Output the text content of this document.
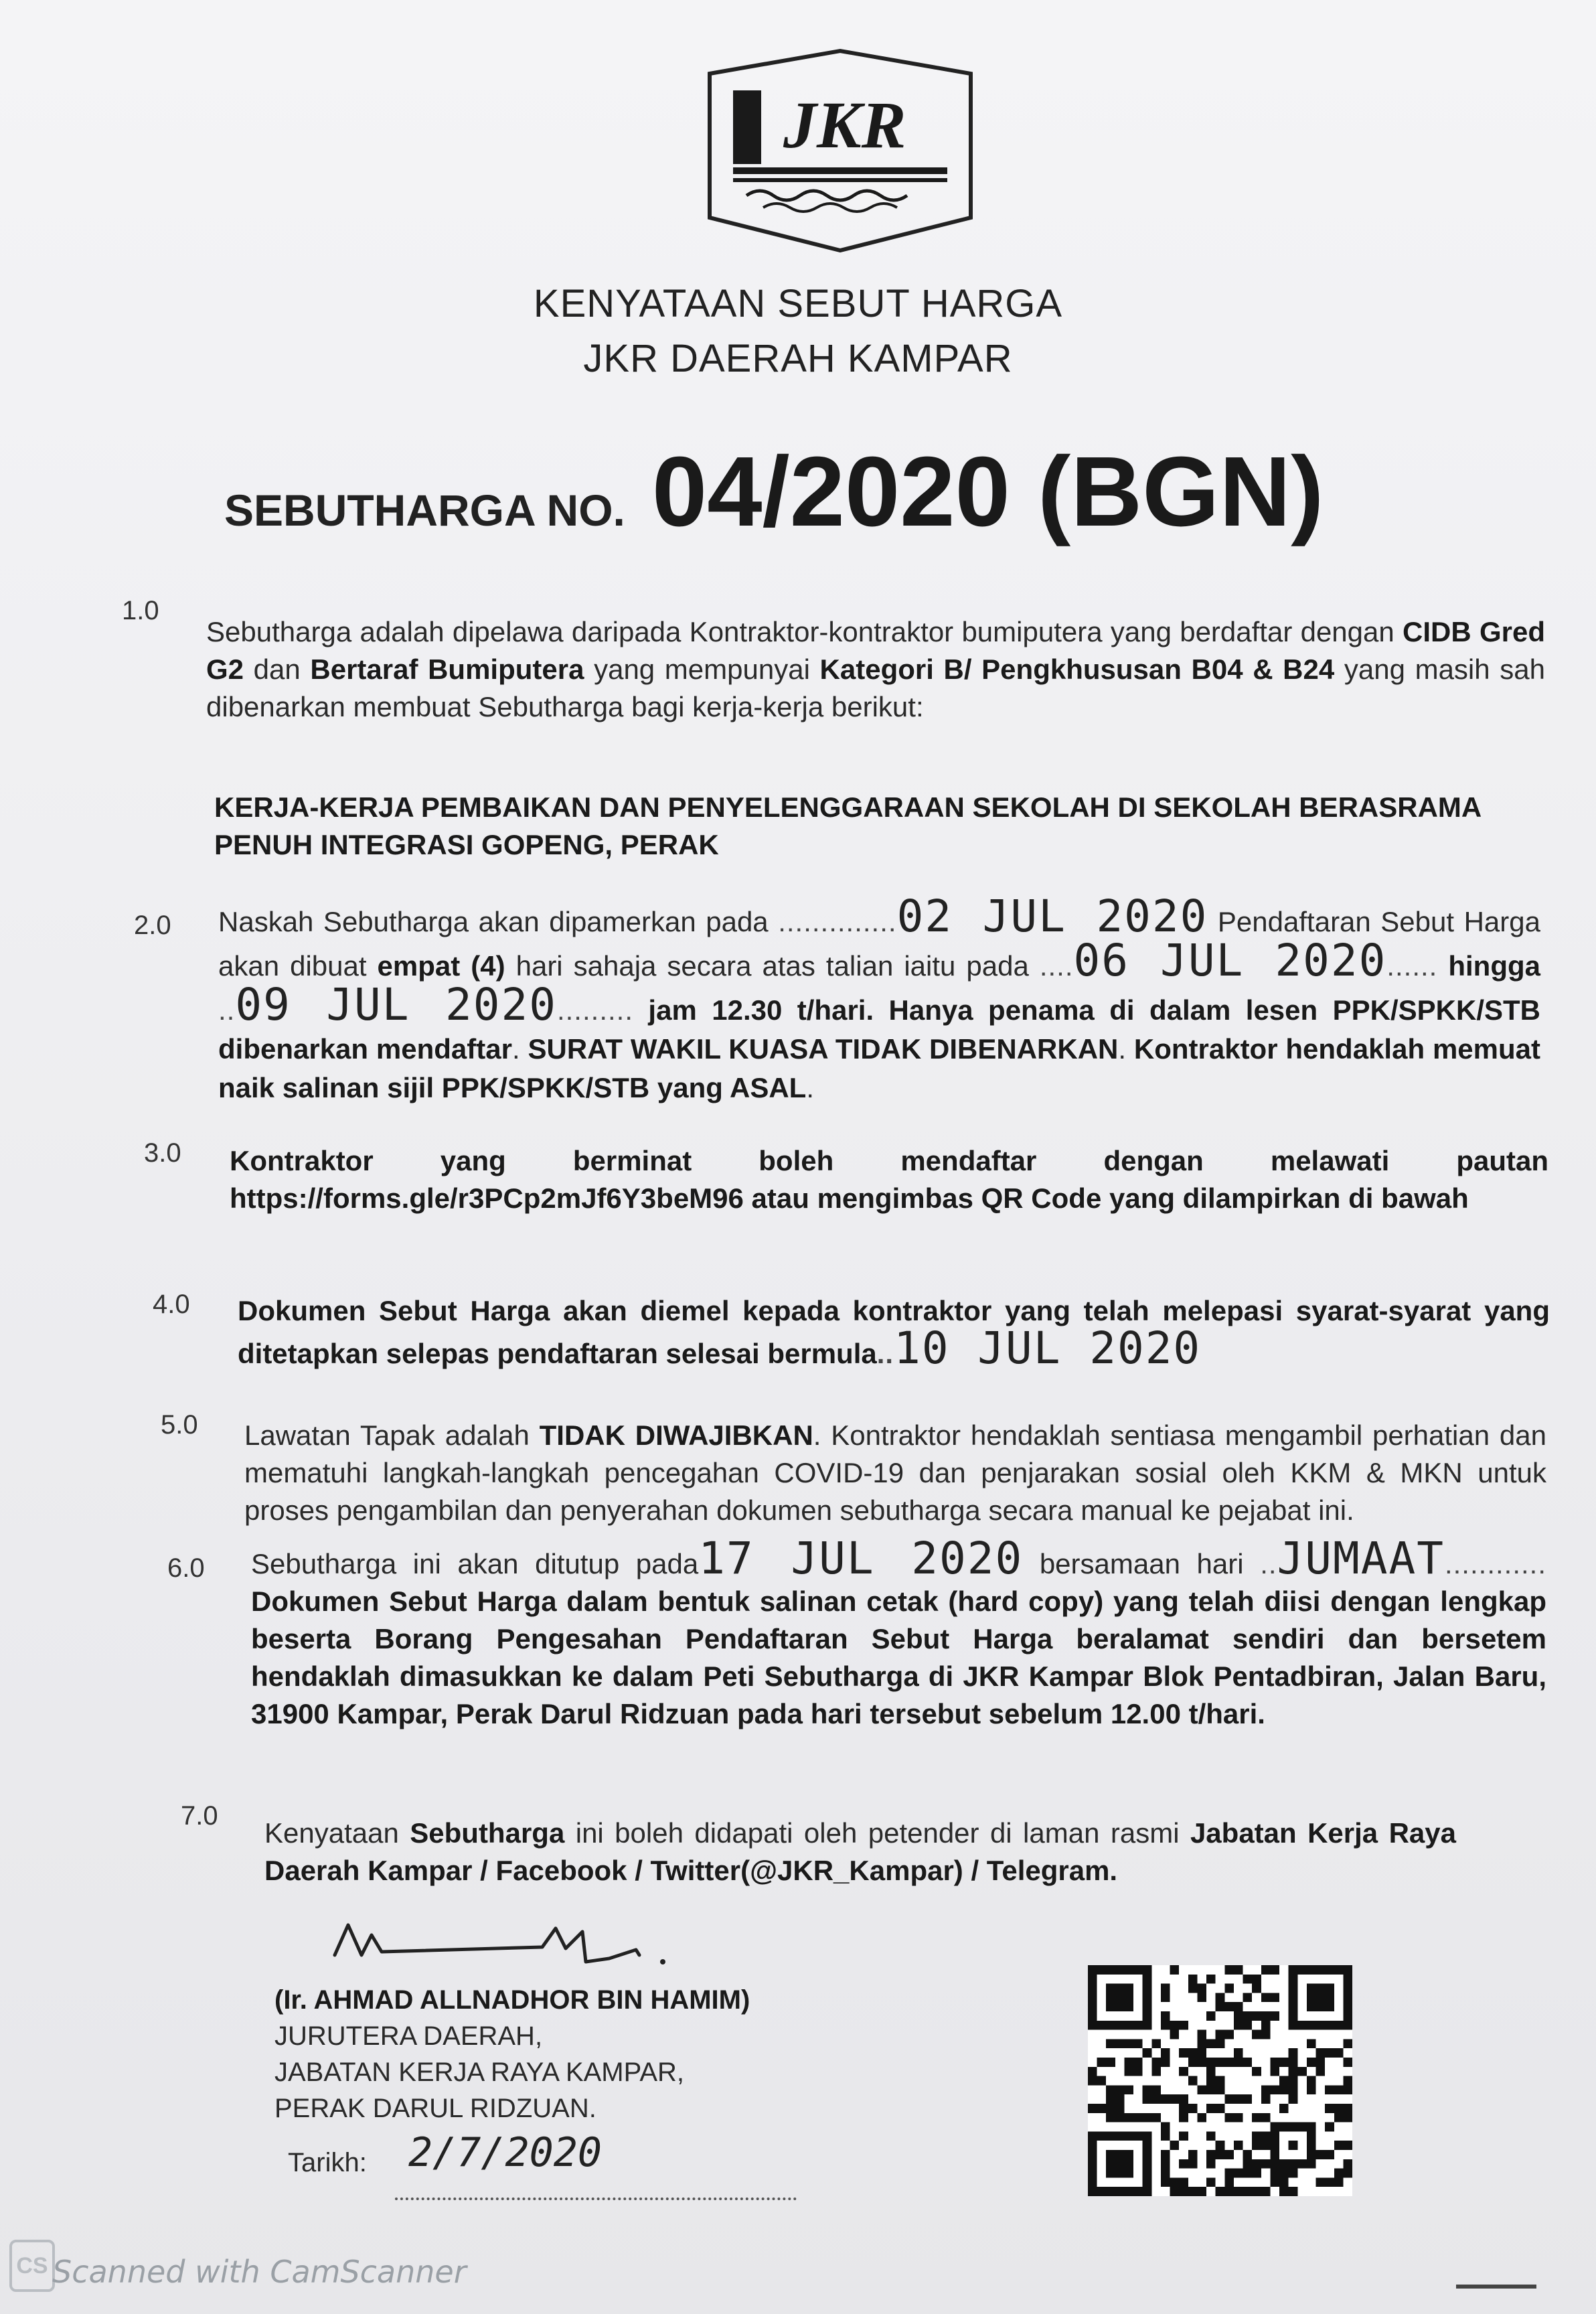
JKR
KENYATAAN SEBUT HARGA
JKR DAERAH KAMPAR
SEBUTHARGA NO. 04/2020 (BGN)
1.0
Sebutharga adalah dipelawa daripada Kontraktor-kontraktor bumiputera yang berdaftar dengan CIDB Gred G2 dan Bertaraf Bumiputera yang mempunyai Kategori B/ Pengkhususan B04 & B24 yang masih sah dibenarkan membuat Sebutharga bagi kerja-kerja berikut:
KERJA-KERJA PEMBAIKAN DAN PENYELENGGARAAN SEKOLAH DI SEKOLAH BERASRAMA PENUH INTEGRASI GOPENG, PERAK
2.0 Naskah Sebutharga akan dipamerkan pada ..............02 JUL 2020 Pendaftaran Sebut Harga akan dibuat empat (4) hari sahaja secara atas talian iaitu pada ....06 JUL 2020...... hingga ..09 JUL 2020......... jam 12.30 t/hari. Hanya penama di dalam lesen PPK/SPKK/STB dibenarkan mendaftar. SURAT WAKIL KUASA TIDAK DIBENARKAN. Kontraktor hendaklah memuat naik salinan sijil PPK/SPKK/STB yang ASAL.
3.0 Kontraktor yang berminat boleh mendaftar dengan melawati pautan https://forms.gle/r3PCp2mJf6Y3beM96 atau mengimbas QR Code yang dilampirkan di bawah
4.0 Dokumen Sebut Harga akan diemel kepada kontraktor yang telah melepasi syarat-syarat yang ditetapkan selepas pendaftaran selesai bermula..10 JUL 2020
5.0 Lawatan Tapak adalah TIDAK DIWAJIBKAN. Kontraktor hendaklah sentiasa mengambil perhatian dan mematuhi langkah-langkah pencegahan COVID-19 dan penjarakan sosial oleh KKM & MKN untuk proses pengambilan dan penyerahan dokumen sebutharga secara manual ke pejabat ini.
6.0 Sebutharga ini akan ditutup pada17 JUL 2020 bersamaan hari ..JUMAAT............ Dokumen Sebut Harga dalam bentuk salinan cetak (hard copy) yang telah diisi dengan lengkap beserta Borang Pengesahan Pendaftaran Sebut Harga beralamat sendiri dan bersetem hendaklah dimasukkan ke dalam Peti Sebutharga di JKR Kampar Blok Pentadbiran, Jalan Baru, 31900 Kampar, Perak Darul Ridzuan pada hari tersebut sebelum 12.00 t/hari.
7.0
Kenyataan Sebutharga ini boleh didapati oleh petender di laman rasmi Jabatan Kerja Raya Daerah Kampar / Facebook / Twitter(@JKR_Kampar) / Telegram.
(Ir. AHMAD ALLNADHOR BIN HAMIM)
JURUTERA DAERAH,
JABATAN KERJA RAYA KAMPAR,
PERAK DARUL RIDZUAN.
Tarikh: 2/7/2020
CS Scanned with CamScanner
